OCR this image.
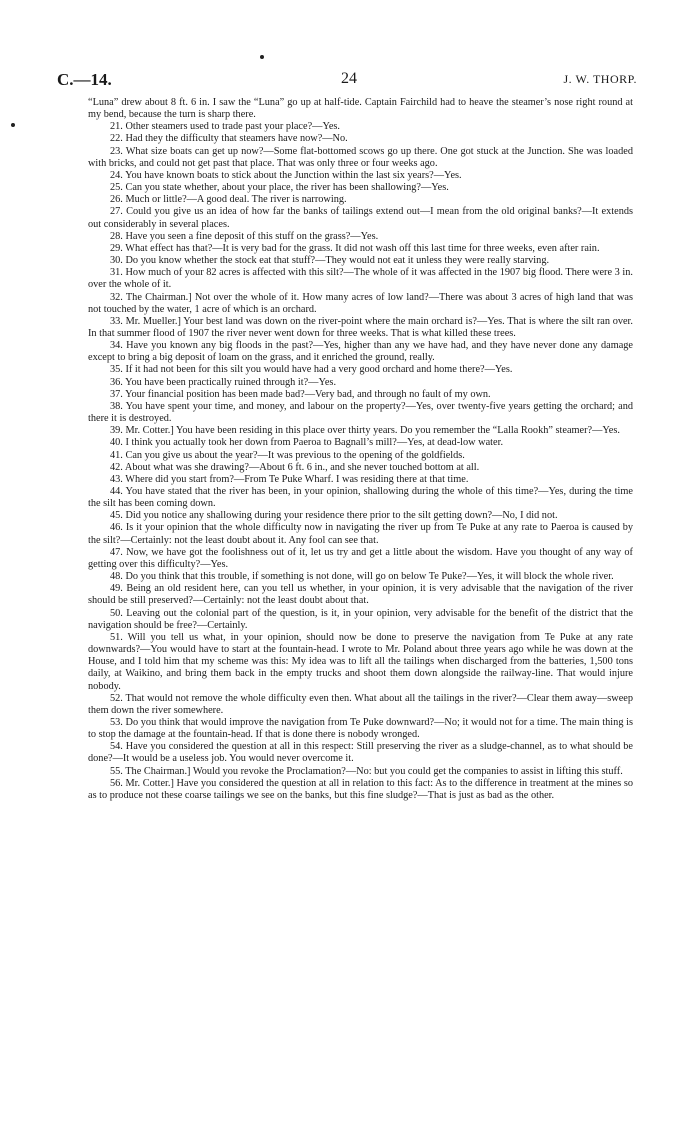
C.—14.	24	J. W. THORP.

“Luna” drew about 8 ft. 6 in. I saw the “Luna” go up at half-tide. Captain Fairchild had to heave the steamer’s nose right round at my bend, because the turn is sharp there.

21. Other steamers used to trade past your place?—Yes.

22. Had they the difficulty that steamers have now?—No.

23. What size boats can get up now?—Some flat-bottomed scows go up there. One got stuck at the Junction. She was loaded with bricks, and could not get past that place. That was only three or four weeks ago.

24. You have known boats to stick about the Junction within the last six years?—Yes.

25. Can you state whether, about your place, the river has been shallowing?—Yes.

26. Much or little?—A good deal. The river is narrowing.

27. Could you give us an idea of how far the banks of tailings extend out—I mean from the old original banks?—It extends out considerably in several places.

28. Have you seen a fine deposit of this stuff on the grass?—Yes.

29. What effect has that?—It is very bad for the grass. It did not wash off this last time for three weeks, even after rain.

30. Do you know whether the stock eat that stuff?—They would not eat it unless they were really starving.

31. How much of your 82 acres is affected with this silt?—The whole of it was affected in the 1907 big flood. There were 3 in. over the whole of it.

32. The Chairman.] Not over the whole of it. How many acres of low land?—There was about 3 acres of high land that was not touched by the water, 1 acre of which is an orchard.

33. Mr. Mueller.] Your best land was down on the river-point where the main orchard is?—Yes. That is where the silt ran over. In that summer flood of 1907 the river never went down for three weeks. That is what killed these trees.

34. Have you known any big floods in the past?—Yes, higher than any we have had, and they have never done any damage except to bring a big deposit of loam on the grass, and it enriched the ground, really.

35. If it had not been for this silt you would have had a very good orchard and home there?—Yes.

36. You have been practically ruined through it?—Yes.

37. Your financial position has been made bad?—Very bad, and through no fault of my own.

38. You have spent your time, and money, and labour on the property?—Yes, over twenty-five years getting the orchard; and there it is destroyed.

39. Mr. Cotter.] You have been residing in this place over thirty years. Do you remember the “Lalla Rookh” steamer?—Yes.

40. I think you actually took her down from Paeroa to Bagnall’s mill?—Yes, at dead-low water.

41. Can you give us about the year?—It was previous to the opening of the goldfields.

42. About what was she drawing?—About 6 ft. 6 in., and she never touched bottom at all.

43. Where did you start from?—From Te Puke Wharf. I was residing there at that time.

44. You have stated that the river has been, in your opinion, shallowing during the whole of this time?—Yes, during the time the silt has been coming down.

45. Did you notice any shallowing during your residence there prior to the silt getting down?—No, I did not.

46. Is it your opinion that the whole difficulty now in navigating the river up from Te Puke at any rate to Paeroa is caused by the silt?—Certainly: not the least doubt about it. Any fool can see that.

47. Now, we have got the foolishness out of it, let us try and get a little about the wisdom. Have you thought of any way of getting over this difficulty?—Yes.

48. Do you think that this trouble, if something is not done, will go on below Te Puke?—Yes, it will block the whole river.

49. Being an old resident here, can you tell us whether, in your opinion, it is very advisable that the navigation of the river should be still preserved?—Certainly: not the least doubt about that.

50. Leaving out the colonial part of the question, is it, in your opinion, very advisable for the benefit of the district that the navigation should be free?—Certainly.

51. Will you tell us what, in your opinion, should now be done to preserve the navigation from Te Puke at any rate downwards?—You would have to start at the fountain-head. I wrote to Mr. Poland about three years ago while he was down at the House, and I told him that my scheme was this: My idea was to lift all the tailings when discharged from the batteries, 1,500 tons daily, at Waikino, and bring them back in the empty trucks and shoot them down alongside the railway-line. That would injure nobody.

52. That would not remove the whole difficulty even then. What about all the tailings in the river?—Clear them away—sweep them down the river somewhere.

53. Do you think that would improve the navigation from Te Puke downward?—No; it would not for a time. The main thing is to stop the damage at the fountain-head. If that is done there is nobody wronged.

54. Have you considered the question at all in this respect: Still preserving the river as a sludge-channel, as to what should be done?—It would be a useless job. You would never overcome it.

55. The Chairman.] Would you revoke the Proclamation?—No: but you could get the companies to assist in lifting this stuff.

56. Mr. Cotter.] Have you considered the question at all in relation to this fact: As to the difference in treatment at the mines so as to produce not these coarse tailings we see on the banks, but this fine sludge?—That is just as bad as the other.
